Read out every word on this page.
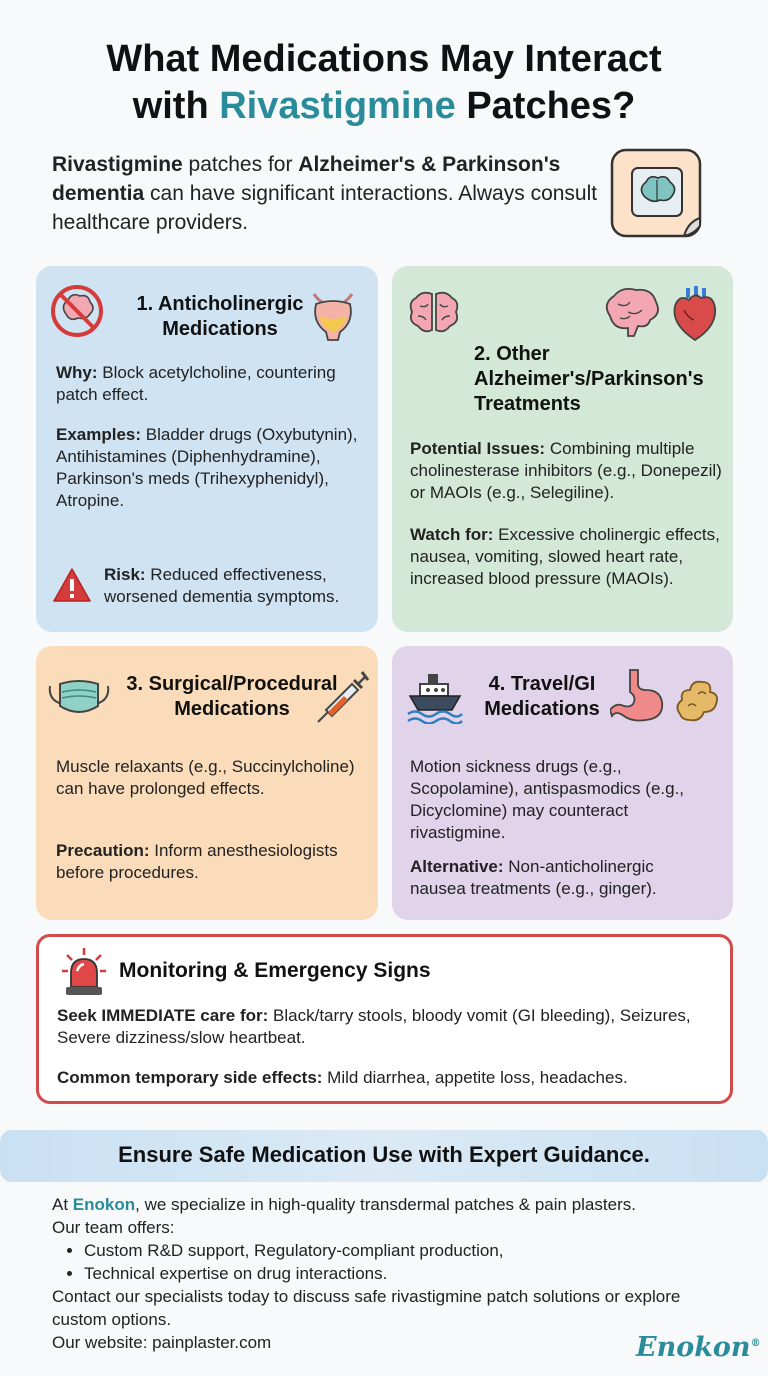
What Medications May Interact
with Rivastigmine Patches?

Rivastigmine patches for Alzheimer's & Parkinson's dementia can have significant interactions. Always consult healthcare providers.

1. Anticholinergic Medications

Why: Block acetylcholine, countering patch effect.

Examples: Bladder drugs (Oxybutynin), Antihistamines (Diphenhydramine), Parkinson's meds (Trihexyphenidyl), Atropine.

Risk: Reduced effectiveness, worsened dementia symptoms.

2. Other Alzheimer's/Parkinson's Treatments

Potential Issues: Combining multiple cholinesterase inhibitors (e.g., Donepezil) or MAOIs (e.g., Selegiline).

Watch for: Excessive cholinergic effects, nausea, vomiting, slowed heart rate, increased blood pressure (MAOIs).

3. Surgical/Procedural Medications

Muscle relaxants (e.g., Succinylcholine) can have prolonged effects.

Precaution: Inform anesthesiologists before procedures.

4. Travel/GI Medications

Motion sickness drugs (e.g., Scopolamine), antispasmodics (e.g., Dicyclomine) may counteract rivastigmine.

Alternative: Non-anticholinergic nausea treatments (e.g., ginger).

Monitoring & Emergency Signs

Seek IMMEDIATE care for: Black/tarry stools, bloody vomit (GI bleeding), Seizures, Severe dizziness/slow heartbeat.

Common temporary side effects: Mild diarrhea, appetite loss, headaches.

Ensure Safe Medication Use with Expert Guidance.

At Enokon, we specialize in high-quality transdermal patches & pain plasters.

Our team offers:

• Custom R&D support, Regulatory-compliant production,
• Technical expertise on drug interactions.

Contact our specialists today to discuss safe rivastigmine patch solutions or explore custom options.

Our website: painplaster.com	Enokon®
